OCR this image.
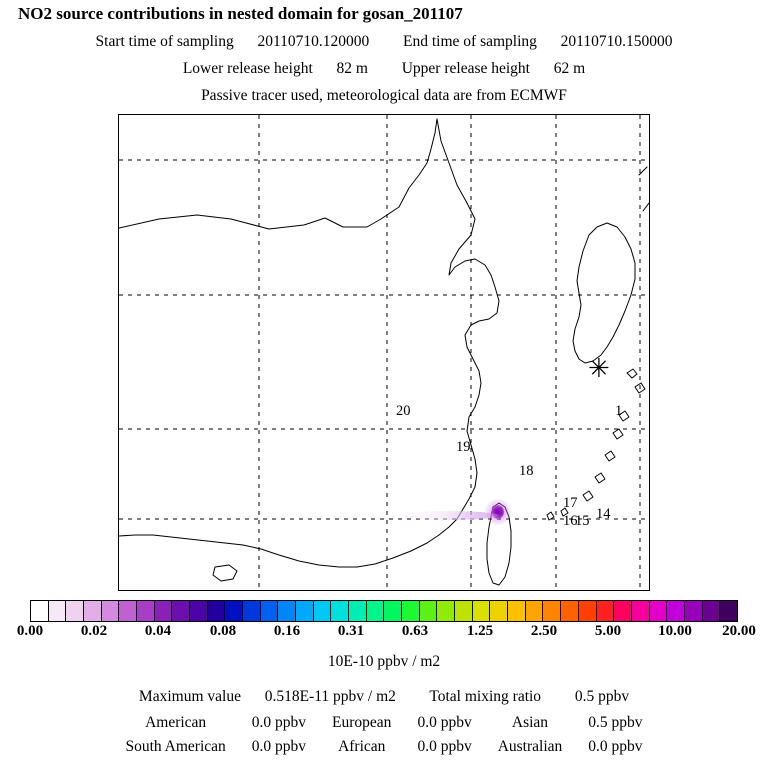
NO2 source contributions in nested domain for gosan_201107
Start time of sampling 20110710.120000 End time of sampling 20110710.150000
Lower release height 82 m Upper release height 62 m
Passive tracer used, meteorological data are from ECMWF
✳
20
19
18
17
16
15 14
1
0.00	0.02	0.04	0.08	0.16	0.31	0.63	1.25	2.50	5.00 10.00 20.00
10E-10 ppbv / m2
Maximum value 0.518E-11 ppbv / m2 Total mixing ratio 0.5 ppbv
American		0.0 ppbv		European		0.0 ppbv		Asian		0.5 ppbv
South American		0.0 ppbv		African		0.0 ppbv		Australian		0.0 ppbv
